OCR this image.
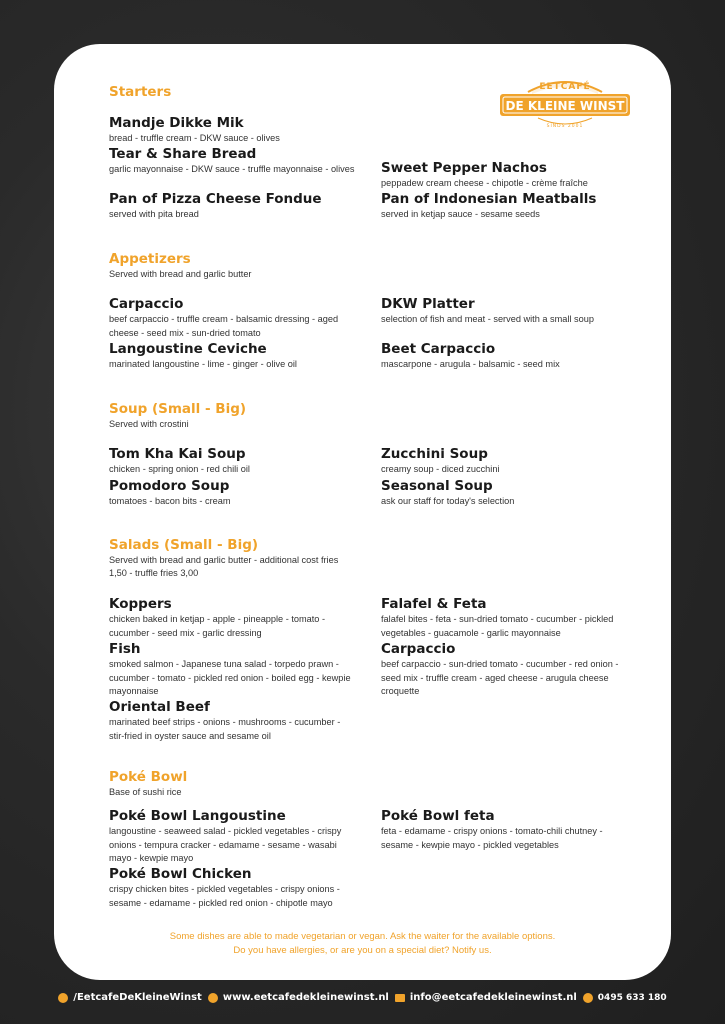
EETCAFÉ
DE KLEINE WINST
SINDS 2001
Starters
Mandje Dikke Mik
bread - truffle cream - DKW sauce - olives
Tear & Share Bread
garlic mayonnaise - DKW sauce - truffle mayonnaise - olives
Pan of Pizza Cheese Fondue
served with pita bread
Sweet Pepper Nachos
peppadew cream cheese - chipotle - crème fraîche
Pan of Indonesian Meatballs
served in ketjap sauce - sesame seeds
Appetizers
Served with bread and garlic butter
Carpaccio
beef carpaccio - truffle cream - balsamic dressing - aged cheese - seed mix - sun-dried tomato
Langoustine Ceviche
marinated langoustine - lime - ginger - olive oil
DKW Platter
selection of fish and meat - served with a small soup
Beet Carpaccio
mascarpone - arugula - balsamic - seed mix
Soup (Small - Big)
Served with crostini
Tom Kha Kai Soup
chicken - spring onion - red chili oil
Pomodoro Soup
tomatoes - bacon bits - cream
Zucchini Soup
creamy soup - diced zucchini
Seasonal Soup
ask our staff for today's selection
Salads (Small - Big)
Served with bread and garlic butter - additional cost fries 1,50 - truffle fries 3,00
Koppers
chicken baked in ketjap - apple - pineapple - tomato - cucumber - seed mix - garlic dressing
Fish
smoked salmon - Japanese tuna salad - torpedo prawn - cucumber - tomato - pickled red onion - boiled egg - kewpie mayonnaise
Oriental Beef
marinated beef strips - onions - mushrooms - cucumber - stir-fried in oyster sauce and sesame oil
Falafel & Feta
falafel bites - feta - sun-dried tomato - cucumber - pickled vegetables - guacamole - garlic mayonnaise
Carpaccio
beef carpaccio - sun-dried tomato - cucumber - red onion - seed mix - truffle cream - aged cheese - arugula cheese croquette
Poké Bowl
Base of sushi rice
Poké Bowl Langoustine
langoustine - seaweed salad - pickled vegetables - crispy onions - tempura cracker - edamame - sesame - wasabi mayo - kewpie mayo
Poké Bowl Chicken
crispy chicken bites - pickled vegetables - crispy onions - sesame - edamame - pickled red onion - chipotle mayo
Poké Bowl feta
feta - edamame - crispy onions - tomato-chili chutney - sesame - kewpie mayo - pickled vegetables
Some dishes are able to made vegetarian or vegan. Ask the waiter for the available options.
Do you have allergies, or are you on a special diet? Notify us.
/EetcafeDeKleineWinst www.eetcafedekleinewinst.nl info@eetcafedekleinewinst.nl 0495 633 180
